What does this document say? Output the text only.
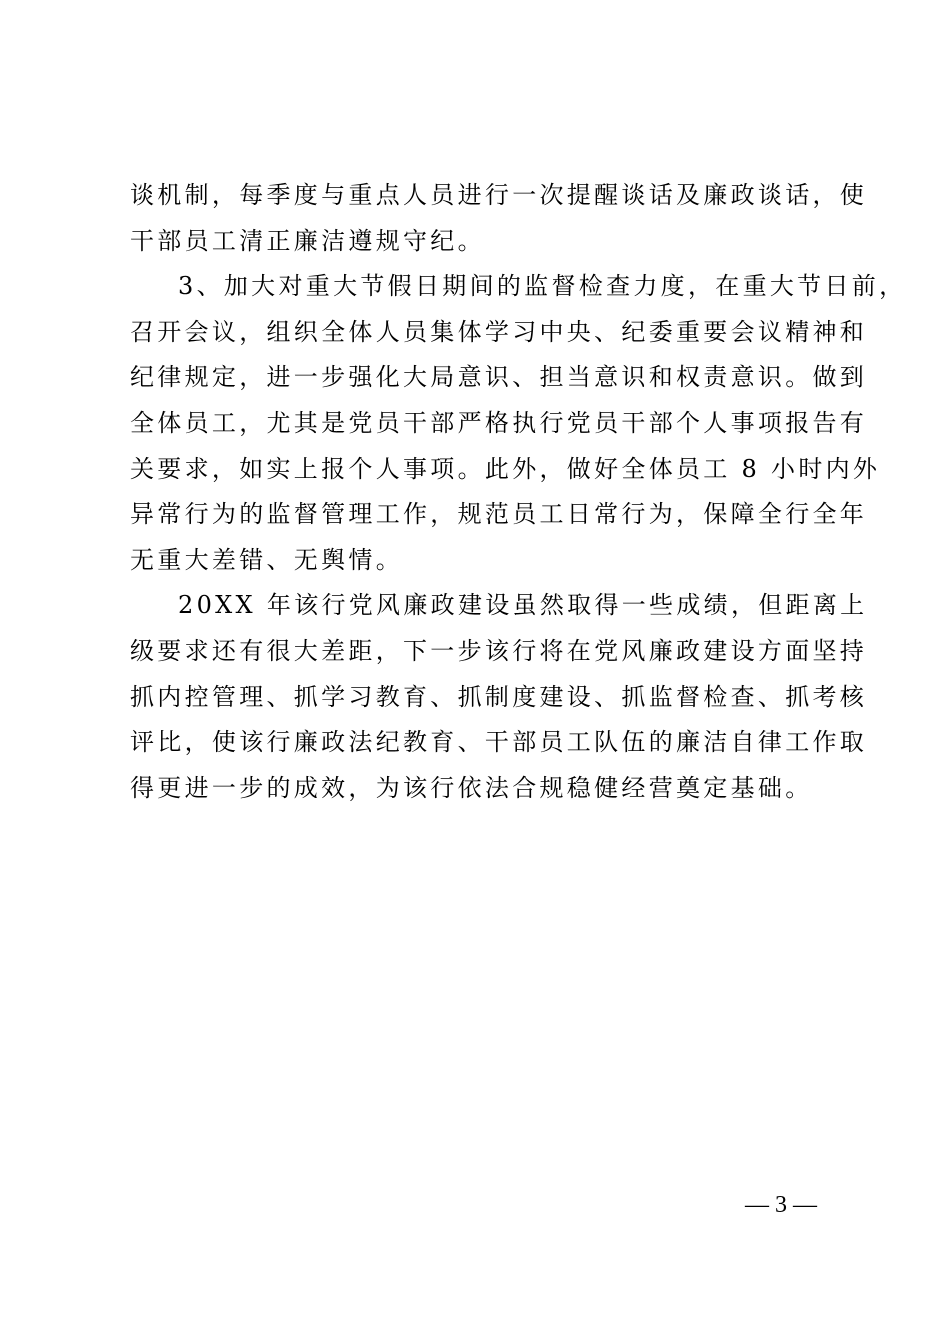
谈机制，每季度与重点人员进行一次提醒谈话及廉政谈话，使
干部员工清正廉洁遵规守纪。
3、加大对重大节假日期间的监督检查力度，在重大节日前，
召开会议，组织全体人员集体学习中央、纪委重要会议精神和
纪律规定，进一步强化大局意识、担当意识和权责意识。做到
全体员工，尤其是党员干部严格执行党员干部个人事项报告有
关要求，如实上报个人事项。此外，做好全体员工 8 小时内外
异常行为的监督管理工作，规范员工日常行为，保障全行全年
无重大差错、无舆情。
20XX 年该行党风廉政建设虽然取得一些成绩，但距离上
级要求还有很大差距，下一步该行将在党风廉政建设方面坚持
抓内控管理、抓学习教育、抓制度建设、抓监督检查、抓考核
评比，使该行廉政法纪教育、干部员工队伍的廉洁自律工作取
得更进一步的成效，为该行依法合规稳健经营奠定基础。
— 3 —
